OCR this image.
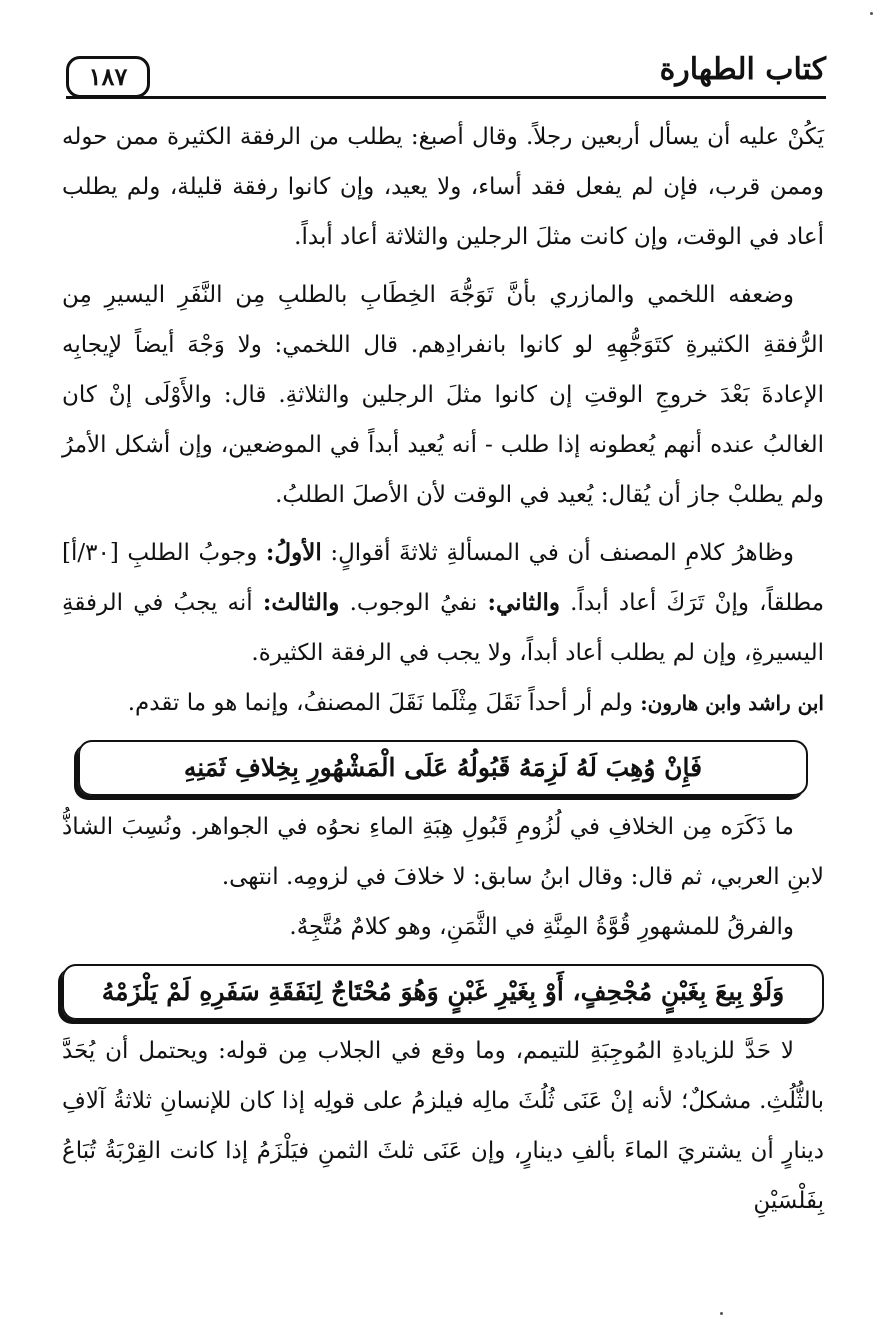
كتاب الطهارة
١٨٧

يَكُنْ عليه أن يسأل أربعين رجلاً. وقال أصبغ: يطلب من الرفقة الكثيرة ممن حوله وممن قرب، فإن لم يفعل فقد أساء، ولا يعيد، وإن كانوا رفقة قليلة، ولم يطلب أعاد في الوقت، وإن كانت مثلَ الرجلين والثلاثة أعاد أبداً.

وضعفه اللخمي والمازري بأنَّ تَوَجُّهَ الخِطَابِ بالطلبِ مِن النَّفَرِ اليسيرِ مِن الرُّفقةِ الكثيرةِ كتَوَجُّهِهِ لو كانوا بانفرادِهم. قال اللخمي: ولا وَجْهَ أيضاً لإيجابِه الإعادةَ بَعْدَ خروجِ الوقتِ إن كانوا مثلَ الرجلين والثلاثةِ. قال: والأَوْلَى إنْ كان الغالبُ عنده أنهم يُعطونه إذا طلب - أنه يُعيد أبداً في الموضعين، وإن أشكل الأمرُ ولم يطلبْ جاز أن يُقال: يُعيد في الوقت لأن الأصلَ الطلبُ.

وظاهرُ كلامِ المصنف أن في المسألةِ ثلاثةَ أقوالٍ: الأولُ: وجوبُ الطلبِ [٣٠/أ] مطلقاً، وإنْ تَرَكَ أعاد أبداً. والثاني: نفيُ الوجوب. والثالث: أنه يجبُ في الرفقةِ اليسيرةِ، وإن لم يطلب أعاد أبداً، ولا يجب في الرفقة الكثيرة.

ابن راشد وابن هارون: ولم أر أحداً نَقَلَ مِثْلَما نَقَلَ المصنفُ، وإنما هو ما تقدم.

فَإِنْ وُهِبَ لَهُ لَزِمَهُ قَبُولُهُ عَلَى الْمَشْهُورِ بِخِلافِ ثَمَنِهِ

ما ذَكَرَه مِن الخلافِ في لُزُومِ قَبُولِ هِبَةِ الماءِ نحوُه في الجواهر. ونُسِبَ الشاذُّ لابنِ العربي، ثم قال: وقال ابنُ سابق: لا خلافَ في لزومِه. انتهى.

والفرقُ للمشهورِ قُوَّةُ المِنَّةِ في الثَّمَنِ، وهو كلامٌ مُتَّجِهٌ.

وَلَوْ بِيعَ بِغَبْنٍ مُجْحِفٍ، أَوْ بِغَيْرِ غَبْنٍ وَهُوَ مُحْتَاجٌ لِنَفَقَةِ سَفَرِهِ لَمْ يَلْزَمْهُ

لا حَدَّ للزيادةِ المُوجِبَةِ للتيمم، وما وقع في الجلاب مِن قوله: ويحتمل أن يُحَدَّ بالثُّلُثِ. مشكلٌ؛ لأنه إنْ عَنَى ثُلُثَ مالِه فيلزمُ على قولِه إذا كان للإنسانِ ثلاثةُ آلافِ دينارٍ أن يشتريَ الماءَ بألفِ دينارٍ، وإن عَنَى ثلثَ الثمنِ فيَلْزَمُ إذا كانت القِرْبَةُ تُبَاعُ بِفَلْسَيْنِ
